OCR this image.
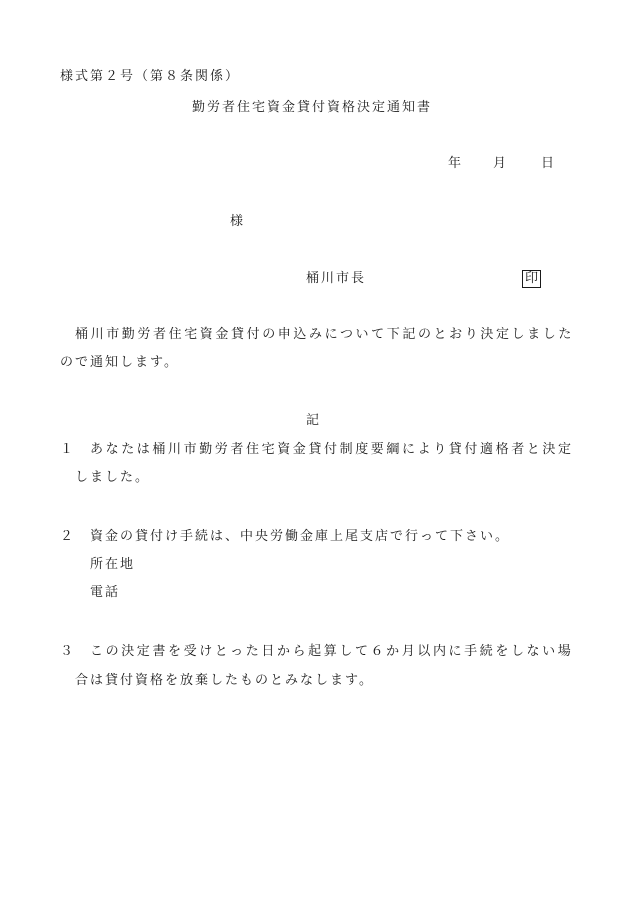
様式第２号（第８条関係）
勤労者住宅資金貸付資格決定通知書
年 月	日
様
桶川市長	印
桶川市勤労者住宅資金貸付の申込みについて下記のとおり決定しました
ので通知します。
記
１ あなたは桶川市勤労者住宅資金貸付制度要綱により貸付適格者と決定
しました。
２ 資金の貸付け手続は、中央労働金庫上尾支店で行って下さい。
所在地
電話
３ この決定書を受けとった日から起算して６か月以内に手続をしない場
合は貸付資格を放棄したものとみなします。
